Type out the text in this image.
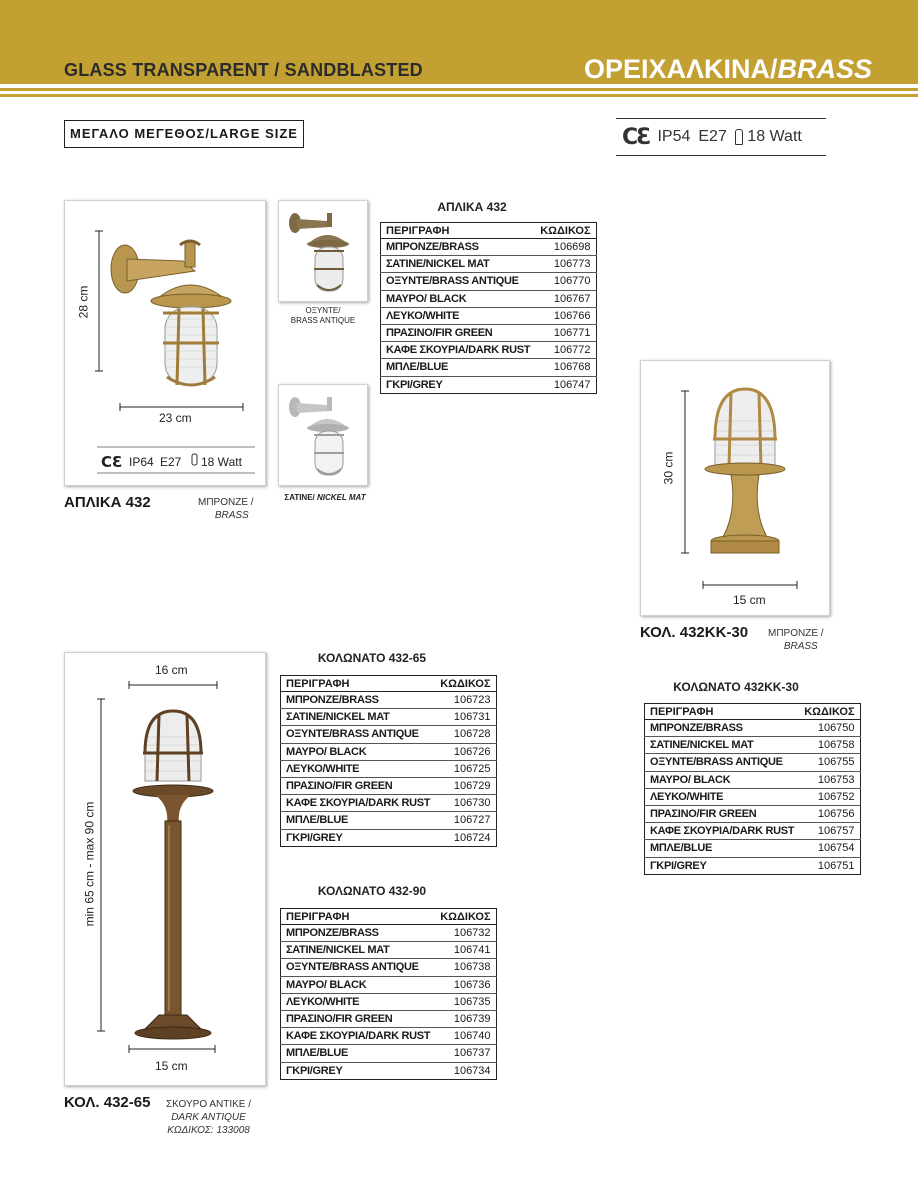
GLASS TRANSPARENT / SANDBLASTED	ΟΡΕΙΧΑΛΚΙΝΑ/BRASS
ΜΕΓΑΛΟ ΜΕΓΕΘΟΣ/LARGE SIZE	CƐ IP54 E27	18 Watt
CƐ
28 cm
23 cm
IP64 E27 18 Watt
ΑΠΛΙΚΑ 432	ΜΠΡΟΝΖΕ /
BRASS
ΟΞΥΝΤΕ/
BRASS ANTIQUE
ΣΑΤΙΝΕ/ NICKEL MAT
ΑΠΛΙΚΑ 432
ΠΕΡΙΓΡΑΦΗ	ΚΩΔΙΚΟΣ
ΜΠΡΟΝΖΕ/BRASS	106698
ΣΑΤΙΝΕ/NICKEL MAT	106773
ΟΞΥΝΤΕ/BRASS ANTIQUE	106770
ΜΑΥΡΟ/ BLACK	106767
ΛΕΥΚΟ/WHITE	106766
ΠΡΑΣΙΝΟ/FIR GREEN	106771
ΚΑΦΕ ΣΚΟΥΡΙΑ/DARK RUST	106772
ΜΠΛΕ/BLUE	106768
ΓΚΡΙ/GREY	106747
30 cm
15 cm
ΚΟΛ. 432ΚΚ-30 ΜΠΡΟΝΖΕ /
BRASS
ΚΟΛΩΝΑΤΟ 432ΚΚ-30
ΠΕΡΙΓΡΑΦΗ	ΚΩΔΙΚΟΣ
ΜΠΡΟΝΖΕ/BRASS	106750
ΣΑΤΙΝΕ/NICKEL MAT	106758
ΟΞΥΝΤΕ/BRASS ANTIQUE	106755
ΜΑΥΡΟ/ BLACK	106753
ΛΕΥΚΟ/WHITE	106752
ΠΡΑΣΙΝΟ/FIR GREEN	106756
ΚΑΦΕ ΣΚΟΥΡΙΑ/DARK RUST	106757
ΜΠΛΕ/BLUE	106754
ΓΚΡΙ/GREY	106751
16 cm
min 65 cm - max 90 cm
15 cm
ΚΟΛ. 432-65 ΣΚΟΥΡΟ ΑΝΤΙΚΕ /
DARK ANTIQUE
ΚΩΔΙΚΟΣ: 133008
ΚΟΛΩΝΑΤΟ 432-65
ΠΕΡΙΓΡΑΦΗ	ΚΩΔΙΚΟΣ
ΜΠΡΟΝΖΕ/BRASS	106723
ΣΑΤΙΝΕ/NICKEL MAT	106731
ΟΞΥΝΤΕ/BRASS ANTIQUE	106728
ΜΑΥΡΟ/ BLACK	106726
ΛΕΥΚΟ/WHITE	106725
ΠΡΑΣΙΝΟ/FIR GREEN	106729
ΚΑΦΕ ΣΚΟΥΡΙΑ/DARK RUST	106730
ΜΠΛΕ/BLUE	106727
ΓΚΡΙ/GREY	106724
ΚΟΛΩΝΑΤΟ 432-90
ΠΕΡΙΓΡΑΦΗ	ΚΩΔΙΚΟΣ
ΜΠΡΟΝΖΕ/BRASS	106732
ΣΑΤΙΝΕ/NICKEL MAT	106741
ΟΞΥΝΤΕ/BRASS ANTIQUE	106738
ΜΑΥΡΟ/ BLACK	106736
ΛΕΥΚΟ/WHITE	106735
ΠΡΑΣΙΝΟ/FIR GREEN	106739
ΚΑΦΕ ΣΚΟΥΡΙΑ/DARK RUST	106740
ΜΠΛΕ/BLUE	106737
ΓΚΡΙ/GREY	106734
